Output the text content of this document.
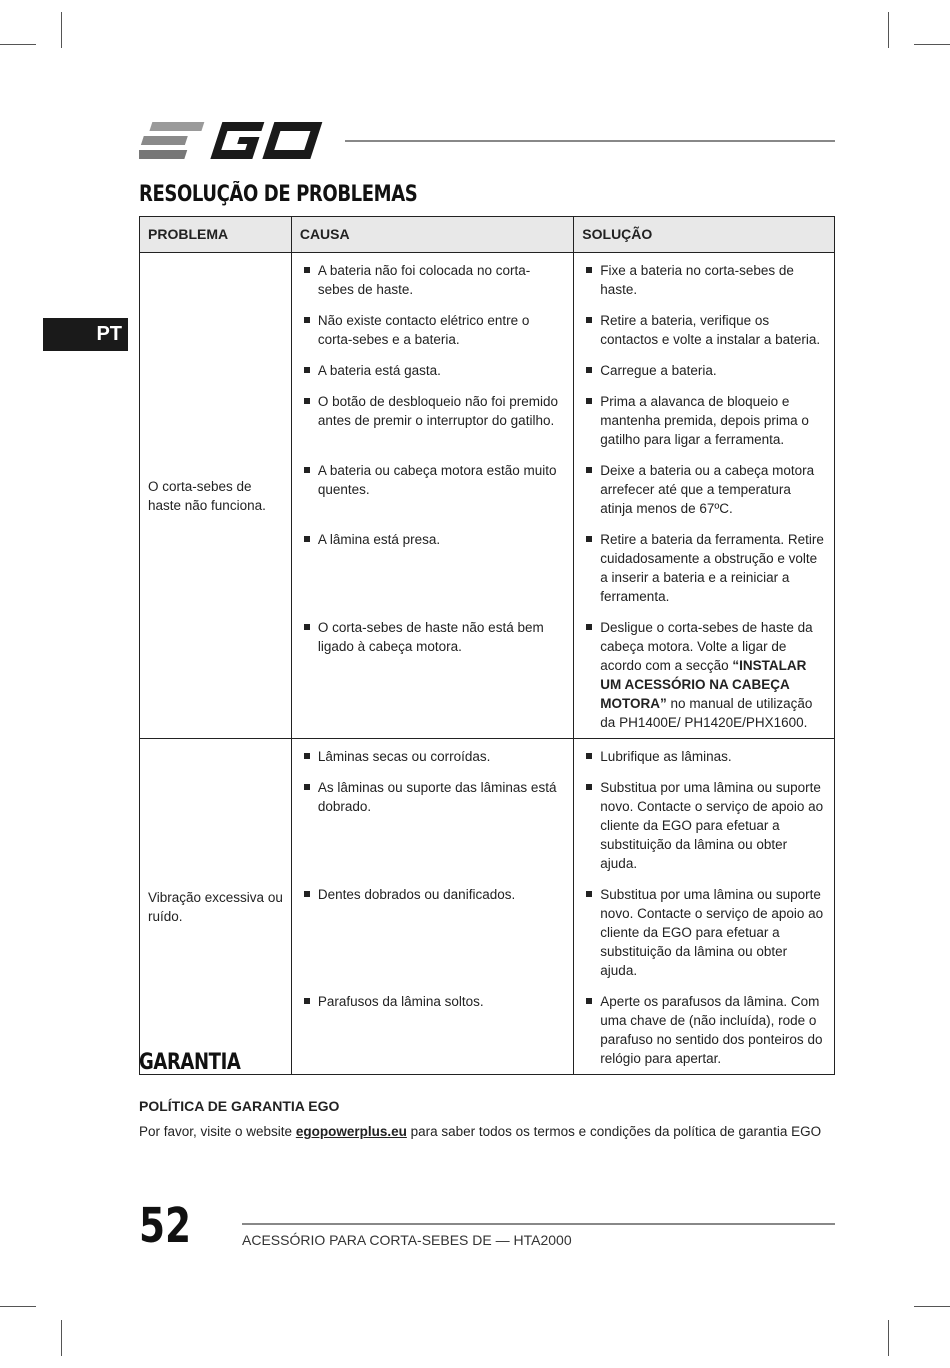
PT
RESOLUÇÃO DE PROBLEMAS
PROBLEMA	CAUSA	SOLUÇÃO
O corta-sebes de haste não funciona.	A bateria não foi colocada no corta-sebes de haste.	Fixe a bateria no corta-sebes de haste.

	Não existe contacto elétrico entre o corta-sebes e a bateria.	Retire a bateria, verifique os contactos e volte a instalar a bateria.

	A bateria está gasta.	Carregue a bateria.

	O botão de desbloqueio não foi premido antes de premir o interruptor do gatilho.	Prima a alavanca de bloqueio e mantenha premida, depois prima o gatilho para ligar a ferramenta.

	A bateria ou cabeça motora estão muito quentes.	Deixe a bateria ou a cabeça motora arrefecer até que a temperatura atinja menos de 67ºC.

	A lâmina está presa.	Retire a bateria da ferramenta. Retire cuidadosamente a obstrução e volte a inserir a bateria e a reiniciar a ferramenta.

	O corta-sebes de haste não está bem ligado à cabeça motora.	Desligue o corta-sebes de haste da cabeça motora. Volte a ligar de acordo com a secção “INSTALAR UM ACESSÓRIO NA CABEÇA MOTORA” no manual de utilização da PH1400E/ PH1420E/PHX1600.

Vibração excessiva ou ruído.	Lâminas secas ou corroídas.	Lubrifique as lâminas.

	As lâminas ou suporte das lâminas está dobrado.	Substitua por uma lâmina ou suporte novo. Contacte o serviço de apoio ao cliente da EGO para efetuar a substituição da lâmina ou obter ajuda.

	Dentes dobrados ou danificados.	Substitua por uma lâmina ou suporte novo. Contacte o serviço de apoio ao cliente da EGO para efetuar a substituição da lâmina ou obter ajuda.

	Parafusos da lâmina soltos.	Aperte os parafusos da lâmina. Com uma chave de (não incluída), rode o parafuso no sentido dos ponteiros do relógio para apertar.
GARANTIA
POLÍTICA DE GARANTIA EGO
Por favor, visite o website egopowerplus.eu para saber todos os termos e condições da política de garantia EGO
52	ACESSÓRIO PARA CORTA-SEBES DE — HTA2000
